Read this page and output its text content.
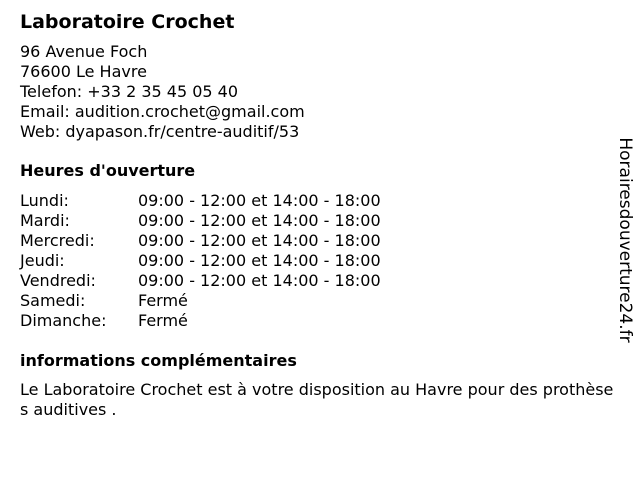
Laboratoire Crochet
96 Avenue Foch
76600 Le Havre
Telefon: +33 2 35 45 05 40
Email: audition.crochet@gmail.com
Web: dyapason.fr/centre-auditif/53
Heures d'ouverture
Lundi:	09:00 - 12:00 et 14:00 - 18:00
Mardi:	09:00 - 12:00 et 14:00 - 18:00
Mercredi:	09:00 - 12:00 et 14:00 - 18:00
Jeudi:	09:00 - 12:00 et 14:00 - 18:00
Vendredi:	09:00 - 12:00 et 14:00 - 18:00
Samedi:	Fermé
Dimanche:	Fermé
informations complémentaires
Le Laboratoire Crochet est à votre disposition au Havre pour des prothèses auditives .
Horairesdouverture24.fr
